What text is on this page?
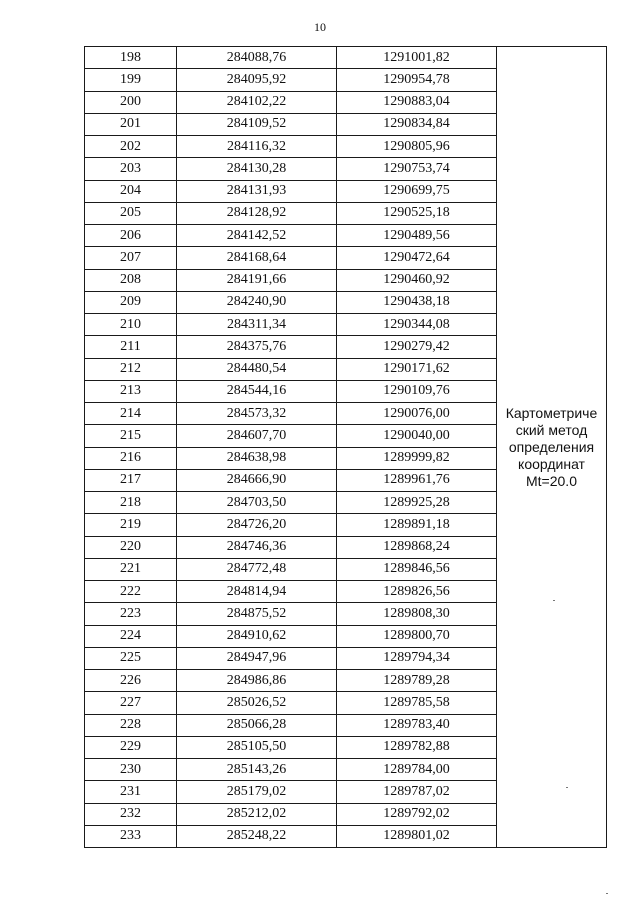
10
198	284088,76	1291001,82	Картометриче
ский метод
определения
координат
Mt=20.0

199	284095,92	1290954,78	
200	284102,22	1290883,04	
201	284109,52	1290834,84	
202	284116,32	1290805,96	
203	284130,28	1290753,74	
204	284131,93	1290699,75	
205	284128,92	1290525,18	
206	284142,52	1290489,56	
207	284168,64	1290472,64	
208	284191,66	1290460,92	
209	284240,90	1290438,18	
210	284311,34	1290344,08	
211	284375,76	1290279,42	
212	284480,54	1290171,62	
213	284544,16	1290109,76	
214	284573,32	1290076,00	
215	284607,70	1290040,00	
216	284638,98	1289999,82	
217	284666,90	1289961,76	
218	284703,50	1289925,28	
219	284726,20	1289891,18	
220	284746,36	1289868,24	
221	284772,48	1289846,56	
222	284814,94	1289826,56	
223	284875,52	1289808,30	
224	284910,62	1289800,70	
225	284947,96	1289794,34	
226	284986,86	1289789,28	
227	285026,52	1289785,58	
228	285066,28	1289783,40	
229	285105,50	1289782,88	
230	285143,26	1289784,00	
231	285179,02	1289787,02	
232	285212,02	1289792,02	
233	285248,22	1289801,02	
